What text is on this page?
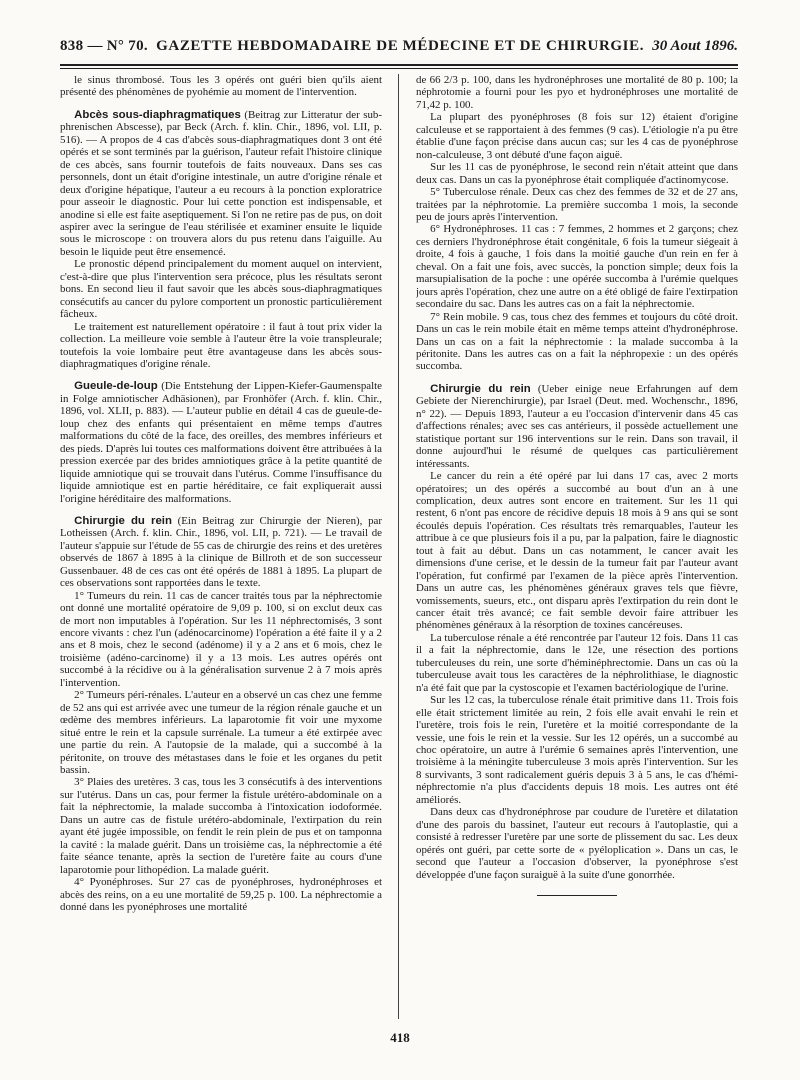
838 — N° 70. GAZETTE HEBDOMADAIRE DE MÉDECINE ET DE CHIRURGIE. 30 Aout 1896.

le sinus thrombosé. Tous les 3 opérés ont guéri bien qu'ils aient présenté des phénomènes de pyohémie au moment de l'intervention.

Abcès sous-diaphragmatiques (Beitrag zur Litteratur der sub-phrenischen Abscesse), par Beck (Arch. f. klin. Chir., 1896, vol. LII, p. 516). — A propos de 4 cas d'abcès sous-diaphragmatiques dont 3 ont été opérés et se sont terminés par la guérison, l'auteur refait l'histoire clinique de ces abcès, sans fournir toutefois de faits nouveaux. Dans ses cas personnels, dont un était d'origine intestinale, un autre d'origine rénale et deux d'origine hépatique, l'auteur a eu recours à la ponction exploratrice pour asseoir le diagnostic. Pour lui cette ponction est indispensable, et anodine si elle est faite aseptiquement. Si l'on ne retire pas de pus, on doit aspirer avec la seringue de l'eau stérilisée et examiner ensuite le liquide sous le microscope : on trouvera alors du pus retenu dans l'aiguille. Au besoin le liquide peut être ensemencé.

Le pronostic dépend principalement du moment auquel on intervient, c'est-à-dire que plus l'intervention sera précoce, plus les résultats seront bons. En second lieu il faut savoir que les abcès sous-diaphragmatiques consécutifs au cancer du pylore comportent un pronostic particulièrement fâcheux.

Le traitement est naturellement opératoire : il faut à tout prix vider la collection. La meilleure voie semble à l'auteur être la voie transpleurale; toutefois la voie lombaire peut être avantageuse dans les abcès sous-diaphragmatiques d'origine rénale.

Gueule-de-loup (Die Entstehung der Lippen-Kiefer-Gaumenspalte in Folge amniotischer Adhäsionen), par Fronhöfer (Arch. f. klin. Chir., 1896, vol. XLII, p. 883). — L'auteur publie en détail 4 cas de gueule-de-loup chez des enfants qui présentaient en même temps d'autres malformations du côté de la face, des oreilles, des membres inférieurs et des pieds. D'après lui toutes ces malformations doivent être attribuées à la pression exercée par des brides amniotiques grâce à la petite quantité de liquide amniotique qui se trouvait dans l'utérus. Comme l'insuffisance du liquide amniotique est en partie héréditaire, ce fait expliquerait aussi l'origine héréditaire des malformations.

Chirurgie du rein (Ein Beitrag zur Chirurgie der Nieren), par Lotheissen (Arch. f. klin. Chir., 1896, vol. LII, p. 721). — Le travail de l'auteur s'appuie sur l'étude de 55 cas de chirurgie des reins et des uretères observés de 1867 à 1895 à la clinique de Billroth et de son successeur Gussenbauer. 48 de ces cas ont été opérés de 1881 à 1895. La plupart de ces observations sont rapportées dans le texte.

1° Tumeurs du rein. 11 cas de cancer traités tous par la néphrectomie ont donné une mortalité opératoire de 9,09 p. 100, si on exclut deux cas de mort non imputables à l'opération. Sur les 11 néphrectomisés, 3 sont encore vivants : chez l'un (adénocarcinome) l'opération a été faite il y a 2 ans et 8 mois, chez le second (adénome) il y a 2 ans et 6 mois, chez le troisième (adéno-carcinome) il y a 13 mois. Les autres opérés ont succombé à la récidive ou à la généralisation survenue 2 à 7 mois après l'intervention.

2° Tumeurs péri-rénales. L'auteur en a observé un cas chez une femme de 52 ans qui est arrivée avec une tumeur de la région rénale gauche et un œdème des membres inférieurs. La laparotomie fit voir une myxome situé entre le rein et la capsule surrénale. La tumeur a été extirpée avec une partie du rein. A l'autopsie de la malade, qui a succombé à la péritonite, on trouve des métastases dans le foie et les organes du petit bassin.

3° Plaies des uretères. 3 cas, tous les 3 consécutifs à des interventions sur l'utérus. Dans un cas, pour fermer la fistule urétéro-abdominale on a fait la néphrectomie, la malade succomba à l'intoxication iodoformée. Dans un autre cas de fistule urétéro-abdominale, l'extirpation du rein ayant été jugée impossible, on fendit le rein plein de pus et on tamponna la cavité : la malade guérit. Dans un troisième cas, la néphrectomie a été faite séance tenante, après la section de l'uretère faite au cours d'une laparotomie pour lithopédion. La malade guérit.

4° Pyonéphroses. Sur 27 cas de pyonéphroses, hydronéphroses et abcès des reins, on a eu une mortalité de 59,25 p. 100. La néphrectomie a donné dans les pyonéphroses une mortalité

de 66 2/3 p. 100, dans les hydronéphroses une mortalité de 80 p. 100; la néphrotomie a fourni pour les pyo et hydronéphroses une mortalité de 71,42 p. 100.

La plupart des pyonéphroses (8 fois sur 12) étaient d'origine calculeuse et se rapportaient à des femmes (9 cas). L'étiologie n'a pu être établie d'une façon précise dans aucun cas; sur les 4 cas de pyonéphrose non-calculeuse, 3 ont débuté d'une façon aiguë.

Sur les 11 cas de pyonéphrose, le second rein n'était atteint que dans deux cas. Dans un cas la pyonéphrose était compliquée d'actinomycose.

5° Tuberculose rénale. Deux cas chez des femmes de 32 et de 27 ans, traitées par la néphrotomie. La première succomba 1 mois, la seconde peu de jours après l'intervention.

6° Hydronéphroses. 11 cas : 7 femmes, 2 hommes et 2 garçons; chez ces derniers l'hydronéphrose était congénitale, 6 fois la tumeur siégeait à droite, 4 fois à gauche, 1 fois dans la moitié gauche d'un rein en fer à cheval. On a fait une fois, avec succès, la ponction simple; deux fois la marsupialisation de la poche : une opérée succomba à l'urémie quelques jours après l'opération, chez une autre on a été obligé de faire l'extirpation secondaire du sac. Dans les autres cas on a fait la néphrectomie.

7° Rein mobile. 9 cas, tous chez des femmes et toujours du côté droit. Dans un cas le rein mobile était en même temps atteint d'hydronéphrose. Dans un cas on a fait la néphrectomie : la malade succomba à la péritonite. Dans les autres cas on a fait la néphropexie : un des opérés succomba.

Chirurgie du rein (Ueber einige neue Erfahrungen auf dem Gebiete der Nierenchirurgie), par Israel (Deut. med. Wochenschr., 1896, n° 22). — Depuis 1893, l'auteur a eu l'occasion d'intervenir dans 45 cas d'affections rénales; avec ses cas antérieurs, il possède actuellement une statistique portant sur 196 interventions sur le rein. Dans son travail, il donne aujourd'hui le résumé de quelques cas particulièrement intéressants.

Le cancer du rein a été opéré par lui dans 17 cas, avec 2 morts opératoires; un des opérés a succombé au bout d'un an à une complication, deux autres sont encore en traitement. Sur les 11 qui restent, 6 n'ont pas encore de récidive depuis 18 mois à 9 ans qui se sont écoulés depuis l'opération. Ces résultats très remarquables, l'auteur les attribue à ce que plusieurs fois il a pu, par la palpation, faire le diagnostic tout à fait au début. Dans un cas notamment, le cancer avait les dimensions d'une cerise, et le dessin de la tumeur fait par l'auteur avant l'opération, fut confirmé par l'examen de la pièce après l'intervention. Dans un autre cas, les phénomènes généraux graves tels que fièvre, vomissements, sueurs, etc., ont disparu après l'extirpation du rein dont le cancer était très avancé; ce fait semble devoir faire attribuer les phénomènes généraux à la résorption de toxines cancéreuses.

La tuberculose rénale a été rencontrée par l'auteur 12 fois. Dans 11 cas il a fait la néphrectomie, dans le 12e, une résection des portions tuberculeuses du rein, une sorte d'héminéphrectomie. Dans un cas où la tuberculeuse avait tous les caractères de la néphrolithiase, le diagnostic n'a été fait que par la cystoscopie et l'examen bactériologique de l'urine.

Sur les 12 cas, la tuberculose rénale était primitive dans 11. Trois fois elle était strictement limitée au rein, 2 fois elle avait envahi le rein et l'uretère, trois fois le rein, l'uretère et la moitié correspondante de la vessie, une fois le rein et la vessie. Sur les 12 opérés, un a succombé au choc opératoire, un autre à l'urémie 6 semaines après l'intervention, une troisième à la méningite tuberculeuse 3 mois après l'intervention. Sur les 8 survivants, 3 sont radicalement guéris depuis 3 à 5 ans, le cas d'hémi-néphrectomie n'a plus d'accidents depuis 18 mois. Les autres ont été améliorés.

Dans deux cas d'hydronéphrose par coudure de l'uretère et dilatation d'une des parois du bassinet, l'auteur eut recours à l'autoplastie, qui a consisté à redresser l'uretère par une sorte de plissement du sac. Les deux opérés ont guéri, par cette sorte de « pyéloplication ». Dans un cas, le second que l'auteur a l'occasion d'observer, la pyonéphrose s'est développée d'une façon suraiguë à la suite d'une gonorrhée.

418
